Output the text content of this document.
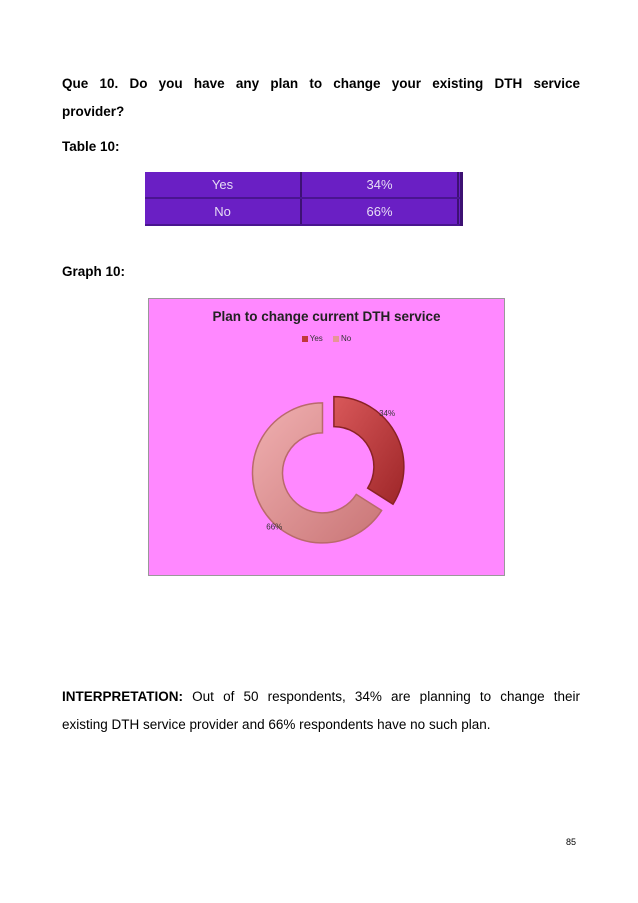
Que 10. Do you have any plan to change your existing DTH service
provider?
Table 10:
Yes	34%	
No	66%	
Graph 10:
Plan to change current DTH service
Yes No
34%
66%
INTERPRETATION: Out of 50 respondents, 34% are planning to change their
existing DTH service provider and 66% respondents have no such plan.
85
